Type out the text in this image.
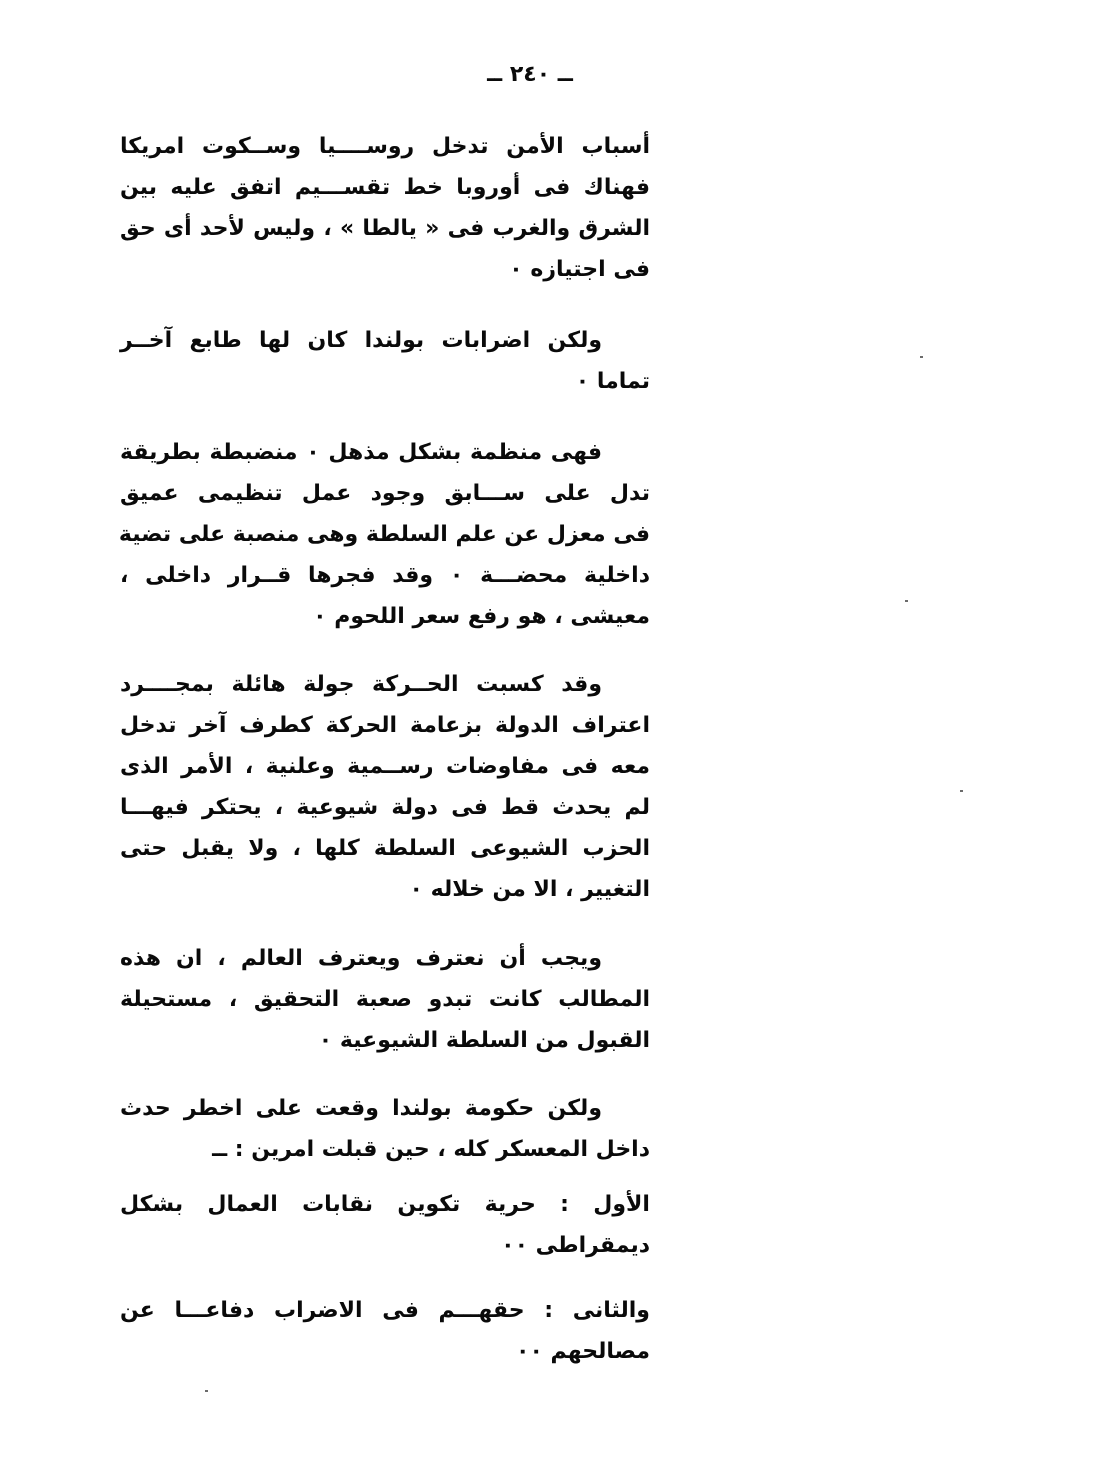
ــ ٢٤٠ ــ
أسباب الأمن تدخل روســــيا وســكوت امريكا
فهناك فى أوروبا خط تقســـيم اتفق عليه بين
الشرق والغرب فى « يالطا » ، وليس لأحد أى حق
فى اجتيازه ٠
ولكن اضرابات بولندا كان لها طابع آخــر
تماما ٠
فهى منظمة بشكل مذهل ٠ منضبطة بطريقة
تدل على ســـابق وجود عمل تنظيمى عميق
فى معزل عن علم السلطة وهى منصبة على تضية
داخلية محضـــة ٠ وقد فجرها قــرار داخلى ،
معيشى ، هو رفع سعر اللحوم ٠
وقد كسبت الحــركة جولة هائلة بمجــــرد
اعتراف الدولة بزعامة الحركة كطرف آخر تدخل
معه فى مفاوضات رســمية وعلنية ، الأمر الذى
لم يحدث قط فى دولة شيوعية ، يحتكر فيهـــا
الحزب الشيوعى السلطة كلها ، ولا يقبل حتى
التغيير ، الا من خلاله ٠
ويجب أن نعترف ويعترف العالم ، ان هذه
المطالب كانت تبدو صعبة التحقيق ، مستحيلة
القبول من السلطة الشيوعية ٠
ولكن حكومة بولندا وقعت على اخطر حدث
داخل المعسكر كله ، حين قبلت امرين : ــ
الأول : حرية تكوين نقابات العمال بشكل
ديمقراطى ٠٠
والثانى : حقهـــم فى الاضراب دفاعـــا عن
مصالحهم ٠٠
